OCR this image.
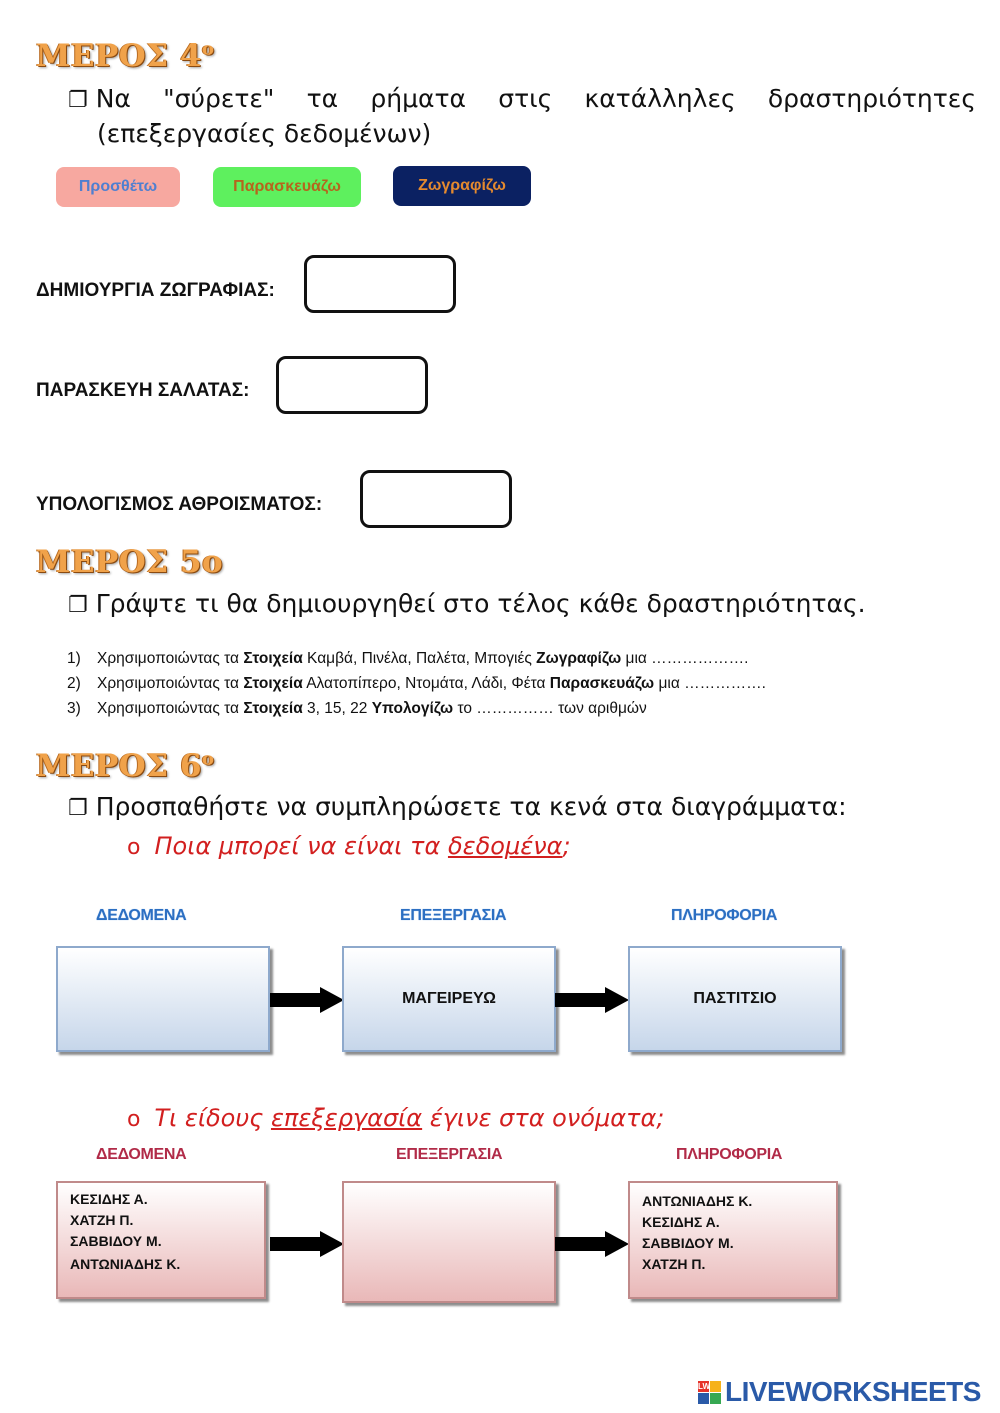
ΜΕΡΟΣ $4^o$
❐ Να "σύρετε" τα ρήματα στις κατάλληλες δραστηριότητες
(επεξεργασίες δεδομένων)
Προσθέτω	Παρασκευάζω	Ζωγραφίζω
ΔΗΜΙΟΥΡΓΙΑ ΖΩΓΡΑΦΙΑΣ:
ΠΑΡΑΣΚΕΥΗ ΣΑΛΑΤΑΣ:
ΥΠΟΛΟΓΙΣΜΟΣ ΑΘΡΟΙΣΜΑΤΟΣ:
ΜΕΡΟΣ 5ο
❐ Γράψτε τι θα δημιουργηθεί στο τέλος κάθε δραστηριότητας.
1) Χρησιμοποιώντας τα Στοιχεία Καμβά, Πινέλα, Παλέτα, Μπογιές Ζωγραφίζω μια ……………….
2) Χρησιμοποιώντας τα Στοιχεία Αλατοπίπερο, Ντομάτα, Λάδι, Φέτα Παρασκευάζω μια …………….
3) Χρησιμοποιώντας τα Στοιχεία 3, 15, 22 Υπολογίζω το …………… των αριθμών
ΜΕΡΟΣ $6^o$
❐ Προσπαθήστε να συμπληρώσετε τα κενά στα διαγράμματα:
o Ποια μπορεί να είναι τα δεδομένα;
ΔΕΔΟΜΕΝΑ	ΕΠΕΞΕΡΓΑΣΙΑ	ΠΛΗΡΟΦΟΡΙΑ
ΜΑΓΕΙΡΕΥΩ	ΠΑΣΤΙΤΣΙΟ
o Τι είδους επεξεργασία έγινε στα ονόματα;
ΔΕΔΟΜΕΝΑ	ΕΠΕΞΕΡΓΑΣΙΑ	ΠΛΗΡΟΦΟΡΙΑ
ΚΕΣΙΔΗΣ Α.
ΧΑΤΖΗ Π.
ΣΑΒΒΙΔΟΥ Μ.
ΑΝΤΩΝΙΑΔΗΣ Κ.
ΑΝΤΩΝΙΑΔΗΣ Κ.
ΚΕΣΙΔΗΣ Α.
ΣΑΒΒΙΔΟΥ Μ.
ΧΑΤΖΗ Π.
LW LIVEWORKSHEETS
